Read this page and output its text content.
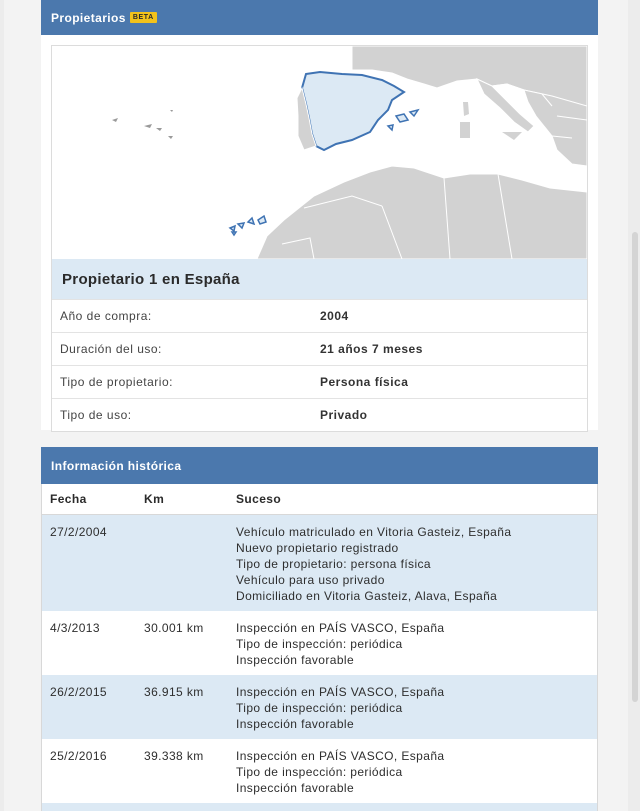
Propietarios	BETA
Propietario 1 en España
Año de compra:	2004
Duración del uso:	21 años 7 meses
Tipo de propietario:	Persona física
Tipo de uso:	Privado
Información histórica
Fecha	Km	Suceso
27/2/2004		Vehículo matriculado en Vitoria Gasteiz, España
Nuevo propietario registrado
Tipo de propietario: persona física
Vehículo para uso privado
Domiciliado en Vitoria Gasteiz, Alava, España

4/3/2013	30.001 km	Inspección en PAÍS VASCO, España
Tipo de inspección: periódica
Inspección favorable

26/2/2015	36.915 km	Inspección en PAÍS VASCO, España
Tipo de inspección: periódica
Inspección favorable

25/2/2016	39.338 km	Inspección en PAÍS VASCO, España
Tipo de inspección: periódica
Inspección favorable
